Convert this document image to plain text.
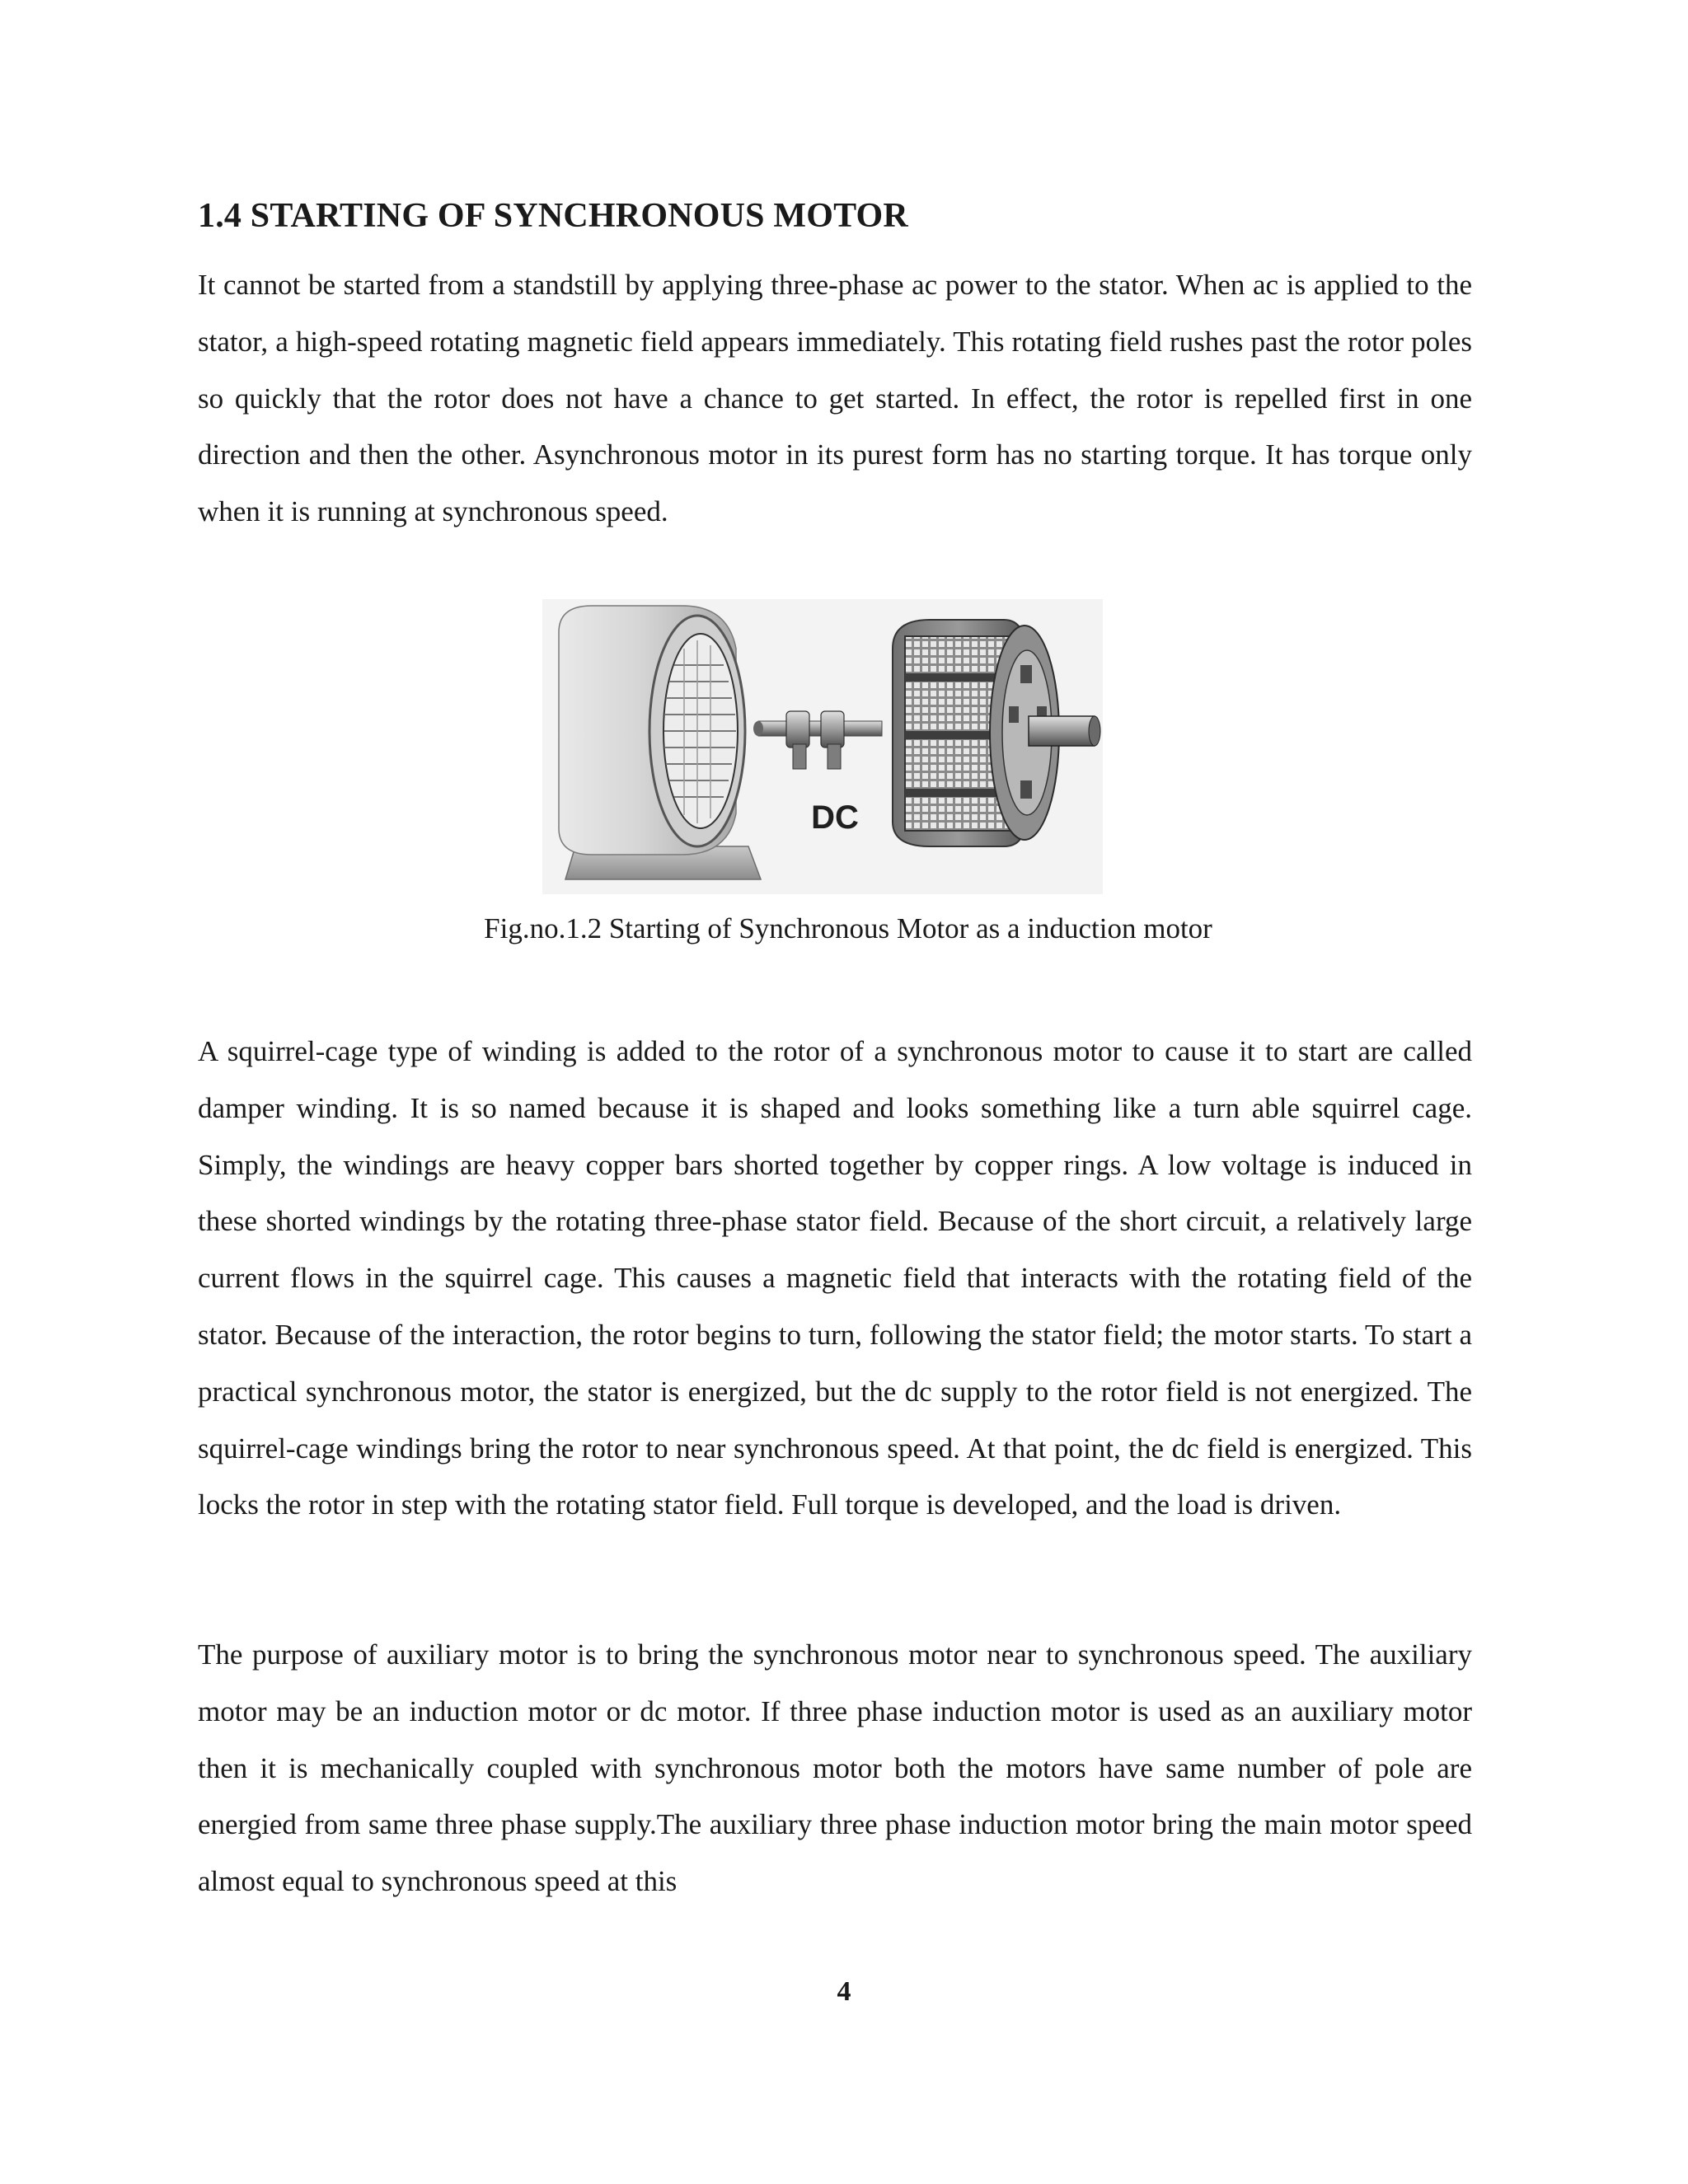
1.4 STARTING OF SYNCHRONOUS MOTOR

It cannot be started from a standstill by applying three-phase ac power to the stator. When ac is applied to the stator, a high-speed rotating magnetic field appears immediately. This rotating field rushes past the rotor poles so quickly that the rotor does not have a chance to get started. In effect, the rotor is repelled first in one direction and then the other. Asynchronous motor in its purest form has no starting torque. It has torque only when it is running at synchronous speed.

DC

Fig.no.1.2 Starting of Synchronous Motor as a induction motor

A squirrel-cage type of winding is added to the rotor of a synchronous motor to cause it to start are called damper winding. It is so named because it is shaped and looks something like a turn able squirrel cage. Simply, the windings are heavy copper bars shorted together by copper rings. A low voltage is induced in these shorted windings by the rotating three-phase stator field. Because of the short circuit, a relatively large current flows in the squirrel cage. This causes a magnetic field that interacts with the rotating field of the stator. Because of the interaction, the rotor begins to turn, following the stator field; the motor starts. To start a practical synchronous motor, the stator is energized, but the dc supply to the rotor field is not energized. The squirrel-cage windings bring the rotor to near synchronous speed. At that point, the dc field is energized. This locks the rotor in step with the rotating stator field. Full torque is developed, and the load is driven.

The purpose of auxiliary motor is to bring the synchronous motor near to synchronous speed. The auxiliary motor may be an induction motor or dc motor. If three phase induction motor is used as an auxiliary motor then it is mechanically coupled with synchronous motor both the motors have same number of pole are energied from same three phase supply.The auxiliary three phase induction motor bring the main motor speed almost equal to synchronous speed at this

4
